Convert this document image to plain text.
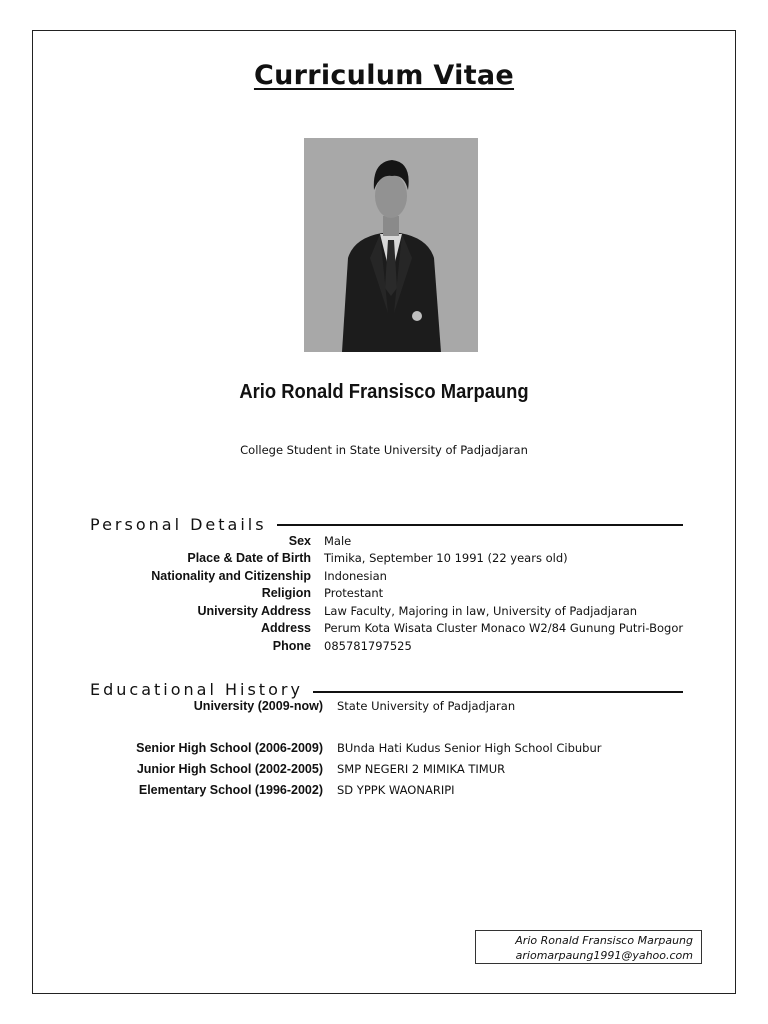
Curriculum Vitae
Ario Ronald Fransisco Marpaung
College Student in State University of Padjadjaran
Personal Details
Sex Male
Place & Date of Birth Timika, September 10 1991 (22 years old)
Nationality and Citizenship Indonesian
Religion Protestant
University Address Law Faculty, Majoring in law, University of Padjadjaran
Address Perum Kota Wisata Cluster Monaco W2/84 Gunung Putri-Bogor
Phone 085781797525
Educational History
University (2009-now) State University of Padjadjaran
Senior High School (2006-2009) BUnda Hati Kudus Senior High School Cibubur
Junior High School (2002-2005) SMP NEGERI 2 MIMIKA TIMUR
Elementary School (1996-2002) SD YPPK WAONARIPI
Ario Ronald Fransisco Marpaung
ariomarpaung1991@yahoo.com
